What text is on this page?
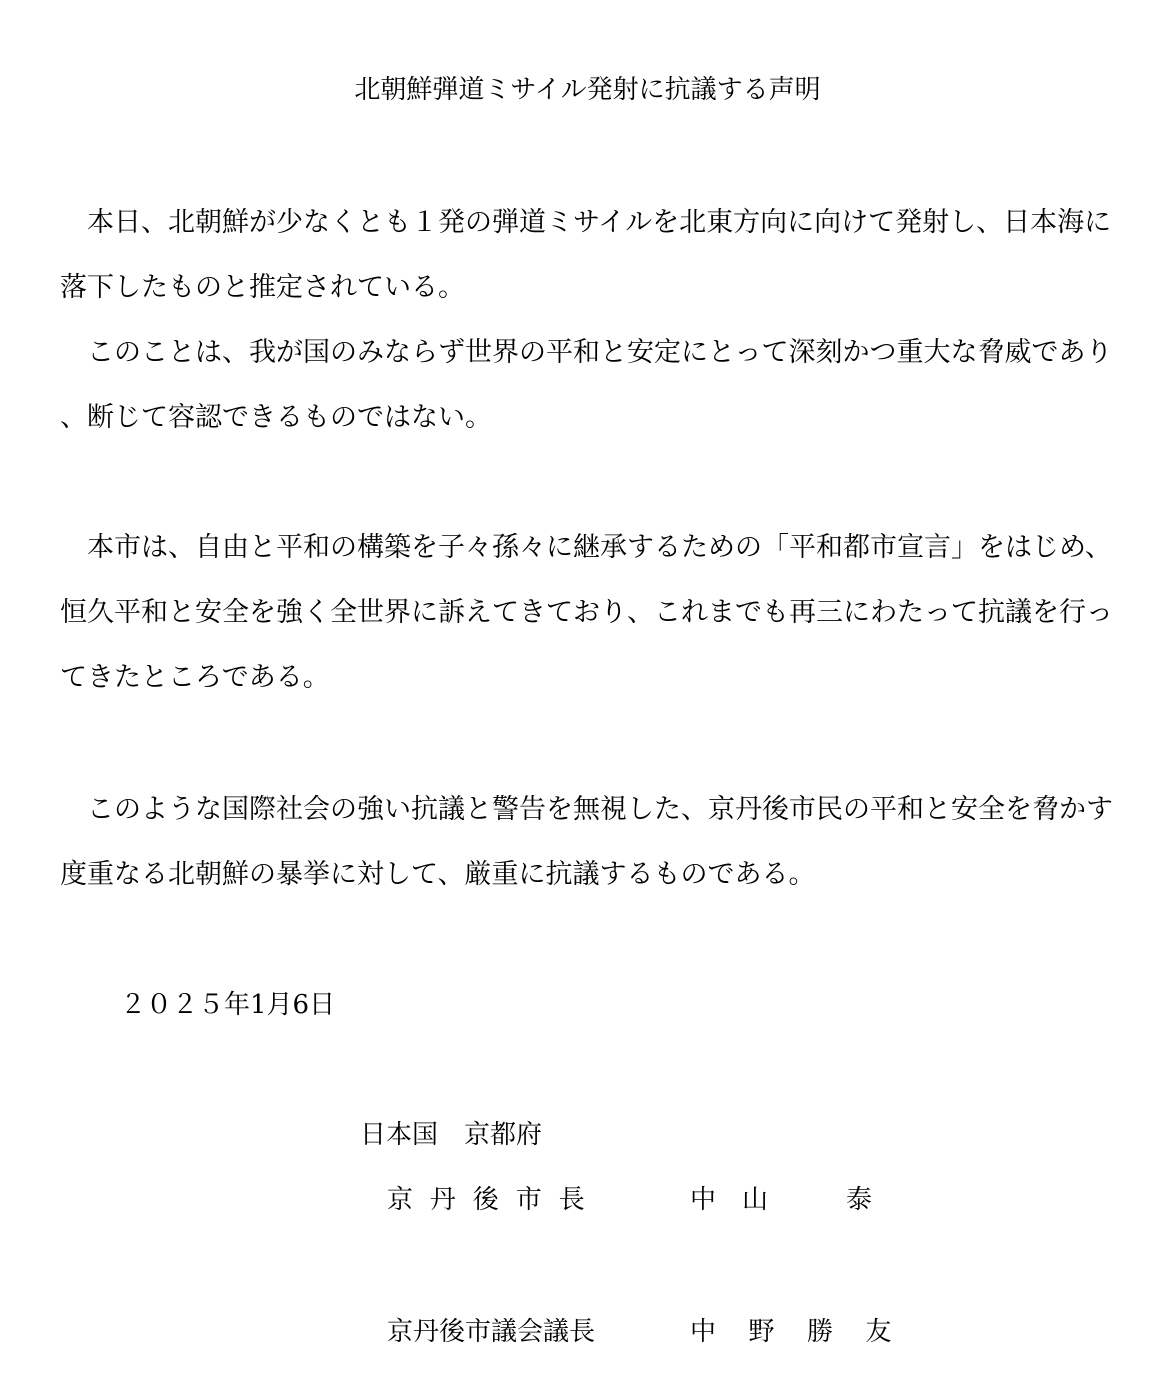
北朝鮮弾道ミサイル発射に抗議する声明

本日、北朝鮮が少なくとも１発の弾道ミサイルを北東方向に向けて発射し、日本海に落下したものと推定されている。

このことは、我が国のみならず世界の平和と安定にとって深刻かつ重大な脅威であり、断じて容認できるものではない。

本市は、自由と平和の構築を子々孫々に継承するための「平和都市宣言」をはじめ、恒久平和と安全を強く全世界に訴えてきており、これまでも再三にわたって抗議を行ってきたところである。

このような国際社会の強い抗議と警告を無視した、京丹後市民の平和と安全を脅かす度重なる北朝鮮の暴挙に対して、厳重に抗議するものである。

２０２５年1月6日
日本国　京都府
京丹後市長	中　山　　　泰
京丹後市議会議長	中野勝友
